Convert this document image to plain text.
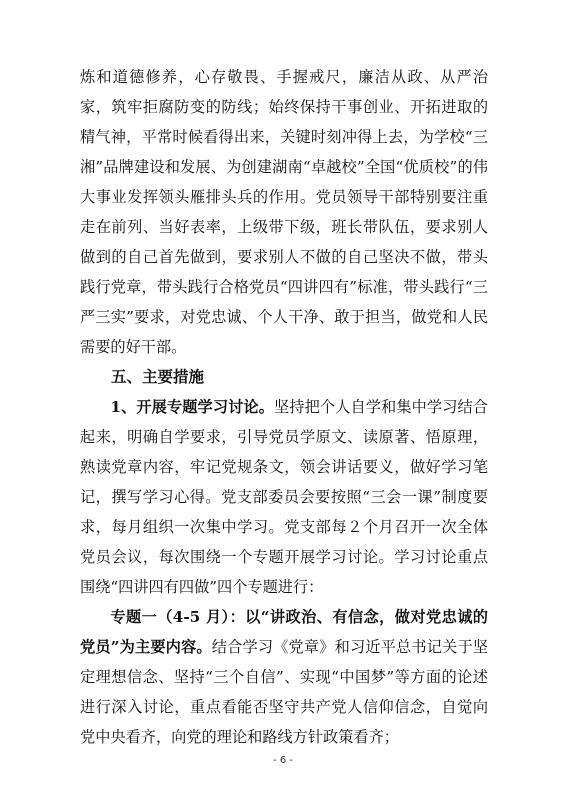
炼和道德修养，心存敬畏、手握戒尺，廉洁从政、从严治家，筑牢拒腐防变的防线；始终保持干事创业、开拓进取的精气神，平常时候看得出来，关键时刻冲得上去，为学校“三湘”品牌建设和发展、为创建湖南“卓越校”全国“优质校”的伟大事业发挥领头雁排头兵的作用。党员领导干部特别要注重走在前列、当好表率，上级带下级，班长带队伍，要求别人做到的自己首先做到，要求别人不做的自己坚决不做，带头践行党章，带头践行合格党员“四讲四有”标准，带头践行“三严三实”要求，对党忠诚、个人干净、敢于担当，做党和人民需要的好干部。

五、主要措施

1、开展专题学习讨论。坚持把个人自学和集中学习结合起来，明确自学要求，引导党员学原文、读原著、悟原理，熟读党章内容，牢记党规条文，领会讲话要义，做好学习笔记，撰写学习心得。党支部委员会要按照“三会一课”制度要求，每月组织一次集中学习。党支部每２个月召开一次全体党员会议，每次围绕一个专题开展学习讨论。学习讨论重点围绕“四讲四有四做”四个专题进行：

专题一（4-5 月）：以“讲政治、有信念，做对党忠诚的党员”为主要内容。结合学习《党章》和习近平总书记关于坚定理想信念、坚持“三个自信”、实现“中国梦”等方面的论述进行深入讨论，重点看能否坚守共产党人信仰信念，自觉向党中央看齐，向党的理论和路线方针政策看齐；

- 6 -
